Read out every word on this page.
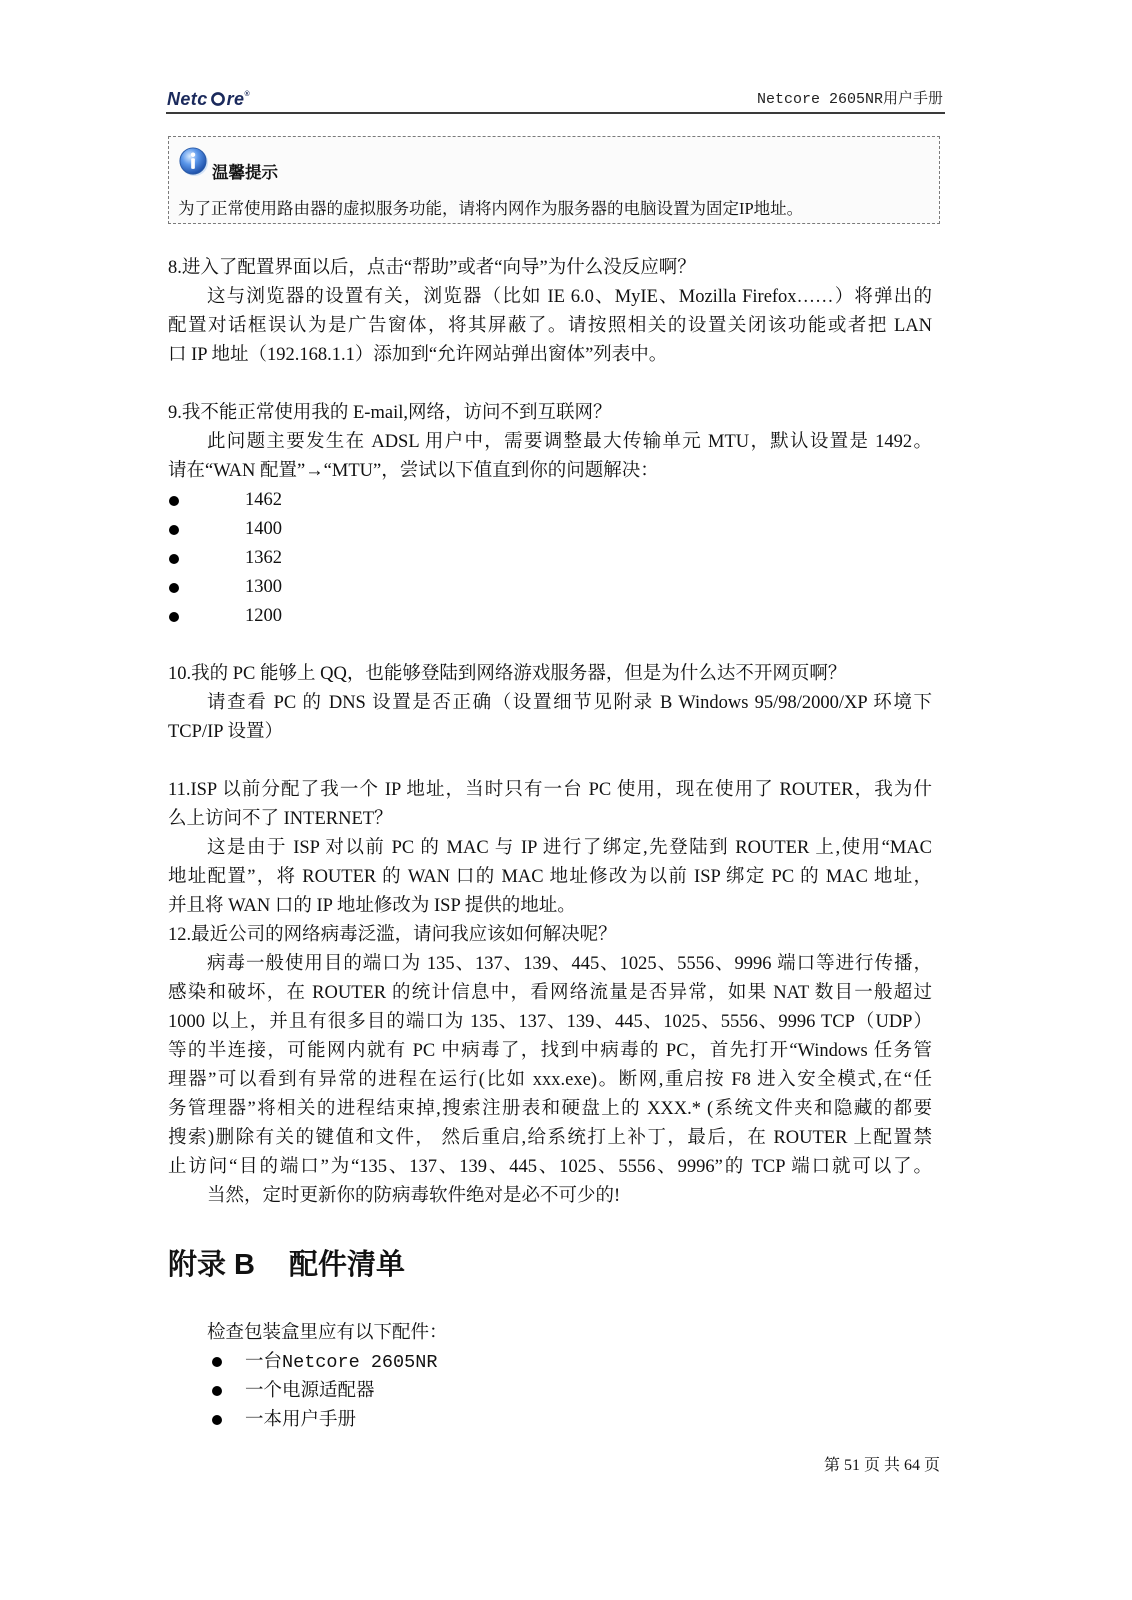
Netc re ®	Netcore 2605NR用户手册
温馨提示
为了正常使用路由器的虚拟服务功能，请将内网作为服务器的电脑设置为固定IP地址。
8.进入了配置界面以后，点击“帮助”或者“向导”为什么没反应啊？
这与浏览器的设置有关，浏览器（比如 IE 6.0、MyIE、Mozilla Firefox……）将弹出的
配置对话框误认为是广告窗体，将其屏蔽了。请按照相关的设置关闭该功能或者把 LAN
口 IP 地址（192.168.1.1）添加到“允许网站弹出窗体”列表中。
9.我不能正常使用我的 E-mail,网络，访问不到互联网？
此问题主要发生在 ADSL 用户中，需要调整最大传输单元 MTU，默认设置是 1492。
请在“WAN 配置”→“MTU”，尝试以下值直到你的问题解决：
1462
1400
1362
1300
1200
10.我的 PC 能够上 QQ，也能够登陆到网络游戏服务器，但是为什么达不开网页啊？
请查看 PC 的 DNS 设置是否正确（设置细节见附录 B Windows 95/98/2000/XP 环境下
TCP/IP 设置）
11.ISP 以前分配了我一个 IP 地址，当时只有一台 PC 使用，现在使用了 ROUTER，我为什
么上访问不了 INTERNET？
这是由于 ISP 对以前 PC 的 MAC 与 IP 进行了绑定,先登陆到 ROUTER 上,使用“MAC
地址配置”，将 ROUTER 的 WAN 口的 MAC 地址修改为以前 ISP 绑定 PC 的 MAC 地址，
并且将 WAN 口的 IP 地址修改为 ISP 提供的地址。
12.最近公司的网络病毒泛滥，请问我应该如何解决呢？
病毒一般使用目的端口为 135、137、139、445、1025、5556、9996 端口等进行传播，
感染和破坏，在 ROUTER 的统计信息中，看网络流量是否异常，如果 NAT 数目一般超过
1000 以上，并且有很多目的端口为 135、137、139、445、1025、5556、9996 TCP（UDP）
等的半连接，可能网内就有 PC 中病毒了，找到中病毒的 PC，首先打开“Windows 任务管
理器”可以看到有异常的进程在运行(比如 xxx.exe)。断网,重启按 F8 进入安全模式,在“任
务管理器”将相关的进程结束掉,搜索注册表和硬盘上的 XXX.* (系统文件夹和隐藏的都要
搜索)删除有关的键值和文件， 然后重启,给系统打上补丁，最后，在 ROUTER 上配置禁
止访问“目的端口”为“135、137、139、445、1025、5556、9996”的 TCP 端口就可以了。
当然，定时更新你的防病毒软件绝对是必不可少的!
附录 B 配件清单
检查包装盒里应有以下配件：
一台Netcore 2605NR
一个电源适配器
一本用户手册
第 51 页 共 64 页
